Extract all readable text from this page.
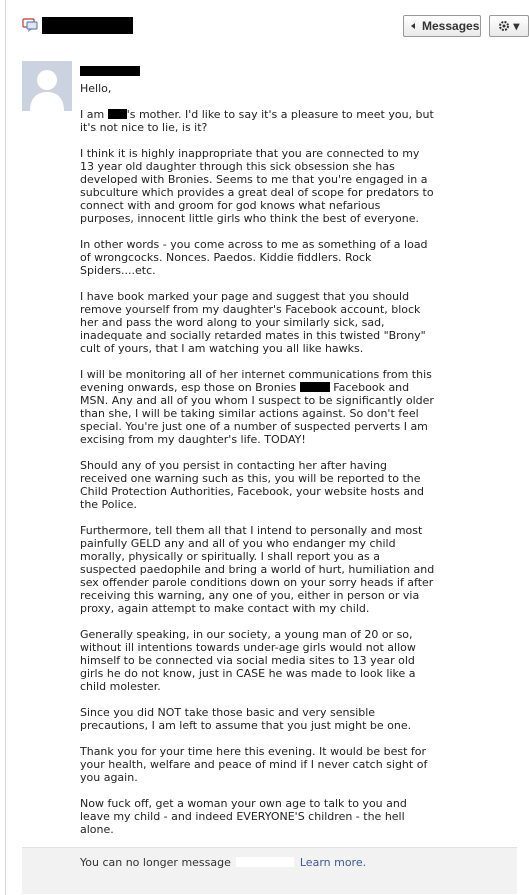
Messages	▾

Hello,

I am 's mother. I'd like to say it's a pleasure to meet you, but it's not nice to lie, is it?

I think it is highly inappropriate that you are connected to my 13 year old daughter through this sick obsession she has developed with Bronies. Seems to me that you're engaged in a subculture which provides a great deal of scope for predators to connect with and groom for god knows what nefarious purposes, innocent little girls who think the best of everyone.

In other words - you come across to me as something of a load of wrongcocks. Nonces. Paedos. Kiddie fiddlers. Rock Spiders....etc.

I have book marked your page and suggest that you should remove yourself from my daughter's Facebook account, block her and pass the word along to your similarly sick, sad, inadequate and socially retarded mates in this twisted "Brony" cult of yours, that I am watching you all like hawks.

I will be monitoring all of her internet communications from this evening onwards, esp those on Bronies	Facebook and MSN. Any and all of you whom I suspect to be significantly older than she, I will be taking similar actions against. So don't feel special. You're just one of a number of suspected perverts I am excising from my daughter's life. TODAY!

Should any of you persist in contacting her after having received one warning such as this, you will be reported to the Child Protection Authorities, Facebook, your website hosts and the Police.

Furthermore, tell them all that I intend to personally and most painfully GELD any and all of you who endanger my child morally, physically or spiritually. I shall report you as a suspected paedophile and bring a world of hurt, humiliation and sex offender parole conditions down on your sorry heads if after receiving this warning, any one of you, either in person or via proxy, again attempt to make contact with my child.

Generally speaking, in our society, a young man of 20 or so, without ill intentions towards under-age girls would not allow himself to be connected via social media sites to 13 year old girls he do not know, just in CASE he was made to look like a child molester.

Since you did NOT take those basic and very sensible precautions, I am left to assume that you just might be one.

Thank you for your time here this evening. It would be best for your health, welfare and peace of mind if I never catch sight of you again.

Now fuck off, get a woman your own age to talk to you and leave my child - and indeed EVERYONE'S children - the hell alone.

You can no longer message	Learn more.
